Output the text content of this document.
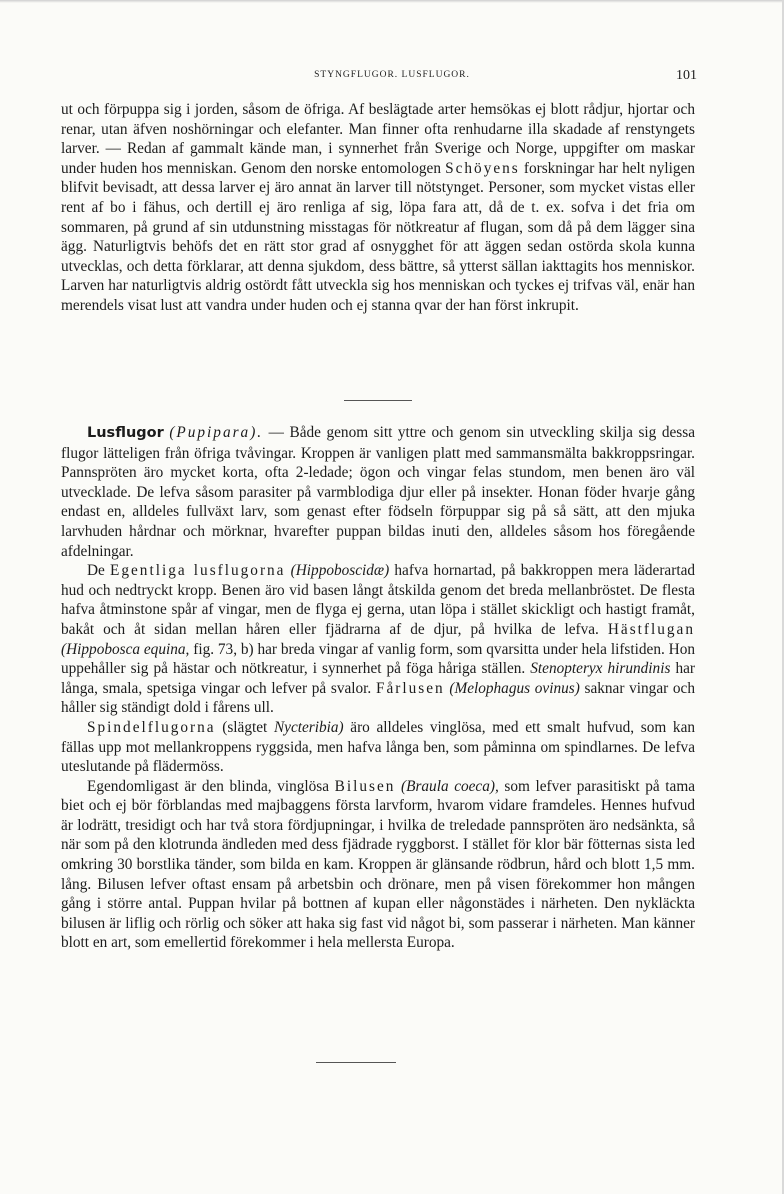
STYNGFLUGOR. LUSFLUGOR.	101

ut och förpuppa sig i jorden, såsom de öfriga. Af beslägtade arter hemsökas ej blott rådjur, hjortar och renar, utan äfven noshörningar och elefanter. Man finner ofta renhudarne illa skadade af renstyngets larver. — Redan af gammalt kände man, i synnerhet från Sverige och Norge, uppgifter om maskar under huden hos menniskan. Genom den norske entomologen Schöyens forskningar har helt nyligen blifvit bevisadt, att dessa larver ej äro annat än larver till nötstynget. Personer, som mycket vistas eller rent af bo i fähus, och dertill ej äro renliga af sig, löpa fara att, då de t. ex. sofva i det fria om sommaren, på grund af sin utdunstning misstagas för nötkreatur af flugan, som då på dem lägger sina ägg. Naturligtvis behöfs det en rätt stor grad af osnygghet för att äggen sedan ostörda skola kunna utvecklas, och detta förklarar, att denna sjukdom, dess bättre, så ytterst sällan iakttagits hos menniskor. Larven har naturligtvis aldrig ostördt fått utveckla sig hos menniskan och tyckes ej trifvas väl, enär han merendels visat lust att vandra under huden och ej stanna qvar der han först inkrupit.

Lusflugor (Pupipara). — Både genom sitt yttre och genom sin utveckling skilja sig dessa flugor lätteligen från öfriga tvåvingar. Kroppen är vanligen platt med sammansmälta bakkroppsringar. Pannspröten äro mycket korta, ofta 2-ledade; ögon och vingar felas stundom, men benen äro väl utvecklade. De lefva såsom parasiter på varmblodiga djur eller på insekter. Honan föder hvarje gång endast en, alldeles fullväxt larv, som genast efter födseln förpuppar sig på så sätt, att den mjuka larvhuden hårdnar och mörknar, hvarefter puppan bildas inuti den, alldeles såsom hos föregående afdelningar.

De Egentliga lusflugorna (Hippoboscidæ) hafva hornartad, på bakkroppen mera läderartad hud och nedtryckt kropp. Benen äro vid basen långt åtskilda genom det breda mellanbröstet. De flesta hafva åtminstone spår af vingar, men de flyga ej gerna, utan löpa i stället skickligt och hastigt framåt, bakåt och åt sidan mellan håren eller fjädrarna af de djur, på hvilka de lefva. Hästflugan (Hippobosca equina, fig. 73, b) har breda vingar af vanlig form, som qvarsitta under hela lifstiden. Hon uppehåller sig på hästar och nötkreatur, i synnerhet på föga håriga ställen. Stenopteryx hirundinis har långa, smala, spetsiga vingar och lefver på svalor. Fårlusen (Melophagus ovinus) saknar vingar och håller sig ständigt dold i fårens ull.

Spindelflugorna (slägtet Nycteribia) äro alldeles vinglösa, med ett smalt hufvud, som kan fällas upp mot mellankroppens ryggsida, men hafva långa ben, som påminna om spindlarnes. De lefva uteslutande på flädermöss.

Egendomligast är den blinda, vinglösa Bilusen (Braula coeca), som lefver parasitiskt på tama biet och ej bör förblandas med majbaggens första larvform, hvarom vidare framdeles. Hennes hufvud är lodrätt, tresidigt och har två stora fördjupningar, i hvilka de treledade pannspröten äro nedsänkta, så när som på den klotrunda ändleden med dess fjädrade ryggborst. I stället för klor bär fötternas sista led omkring 30 borstlika tänder, som bilda en kam. Kroppen är glänsande rödbrun, hård och blott 1,5 mm. lång. Bilusen lefver oftast ensam på arbetsbin och drönare, men på visen förekommer hon mången gång i större antal. Puppan hvilar på bottnen af kupan eller någonstädes i närheten. Den nykläckta bilusen är liflig och rörlig och söker att haka sig fast vid något bi, som passerar i närheten. Man känner blott en art, som emellertid förekommer i hela mellersta Europa.
